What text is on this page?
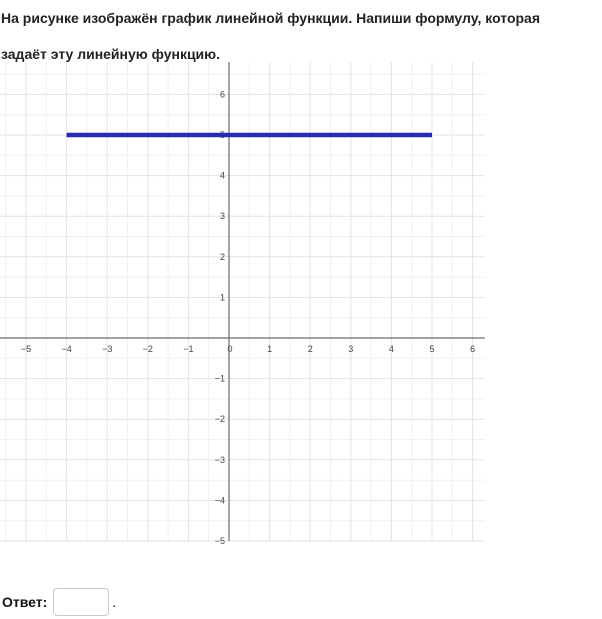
На рисунке изображён график линейной функции. Напиши формулу, которая
задаёт эту линейную функцию.
−5	−4	−3	−2	−1	0	1	2	3	4	5	6
−5
−4
−3
−2
−1
1
2
3
4
5
6
Ответ:	.
